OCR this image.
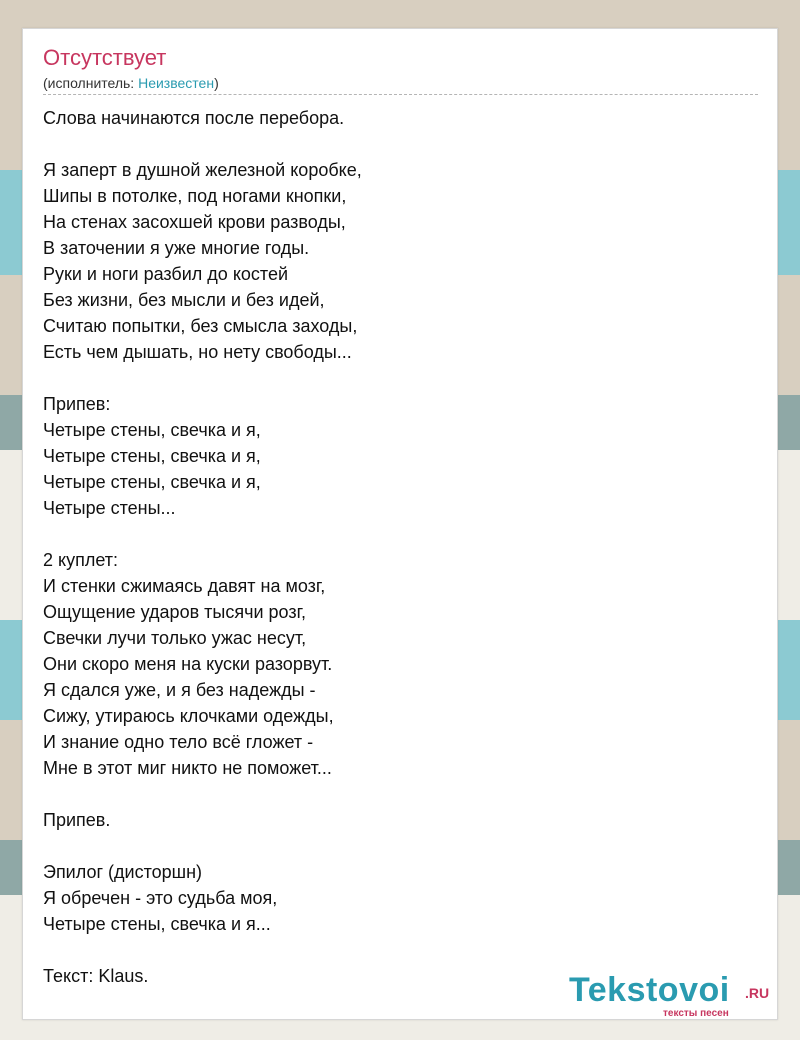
Отсутствует
(исполнитель: Неизвестен)
Слова начинаются после перебора.
Я заперт в душной железной коробке,
Шипы в потолке, под ногами кнопки,
На стенах засохшей крови разводы,
В заточении я уже многие годы.
Руки и ноги разбил до костей
Без жизни, без мысли и без идей,
Считаю попытки, без смысла заходы,
Есть чем дышать, но нету свободы...
Припев:
Четыре стены, свечка и я,
Четыре стены, свечка и я,
Четыре стены, свечка и я,
Четыре стены...
2 куплет:
И стенки сжимаясь давят на мозг,
Ощущение ударов тысячи розг,
Свечки лучи только ужас несут,
Они скоро меня на куски разорвут.
Я сдался уже, и я без надежды -
Сижу, утираюсь клочками одежды,
И знание одно тело всё гложет -
Мне в этот миг никто не поможет...
Припев.
Эпилог (дисторшн)
Я обречен - это судьба моя,
Четыре стены, свечка и я...
Текст: Klaus.	Tekstovoi .RU
тексты песен
